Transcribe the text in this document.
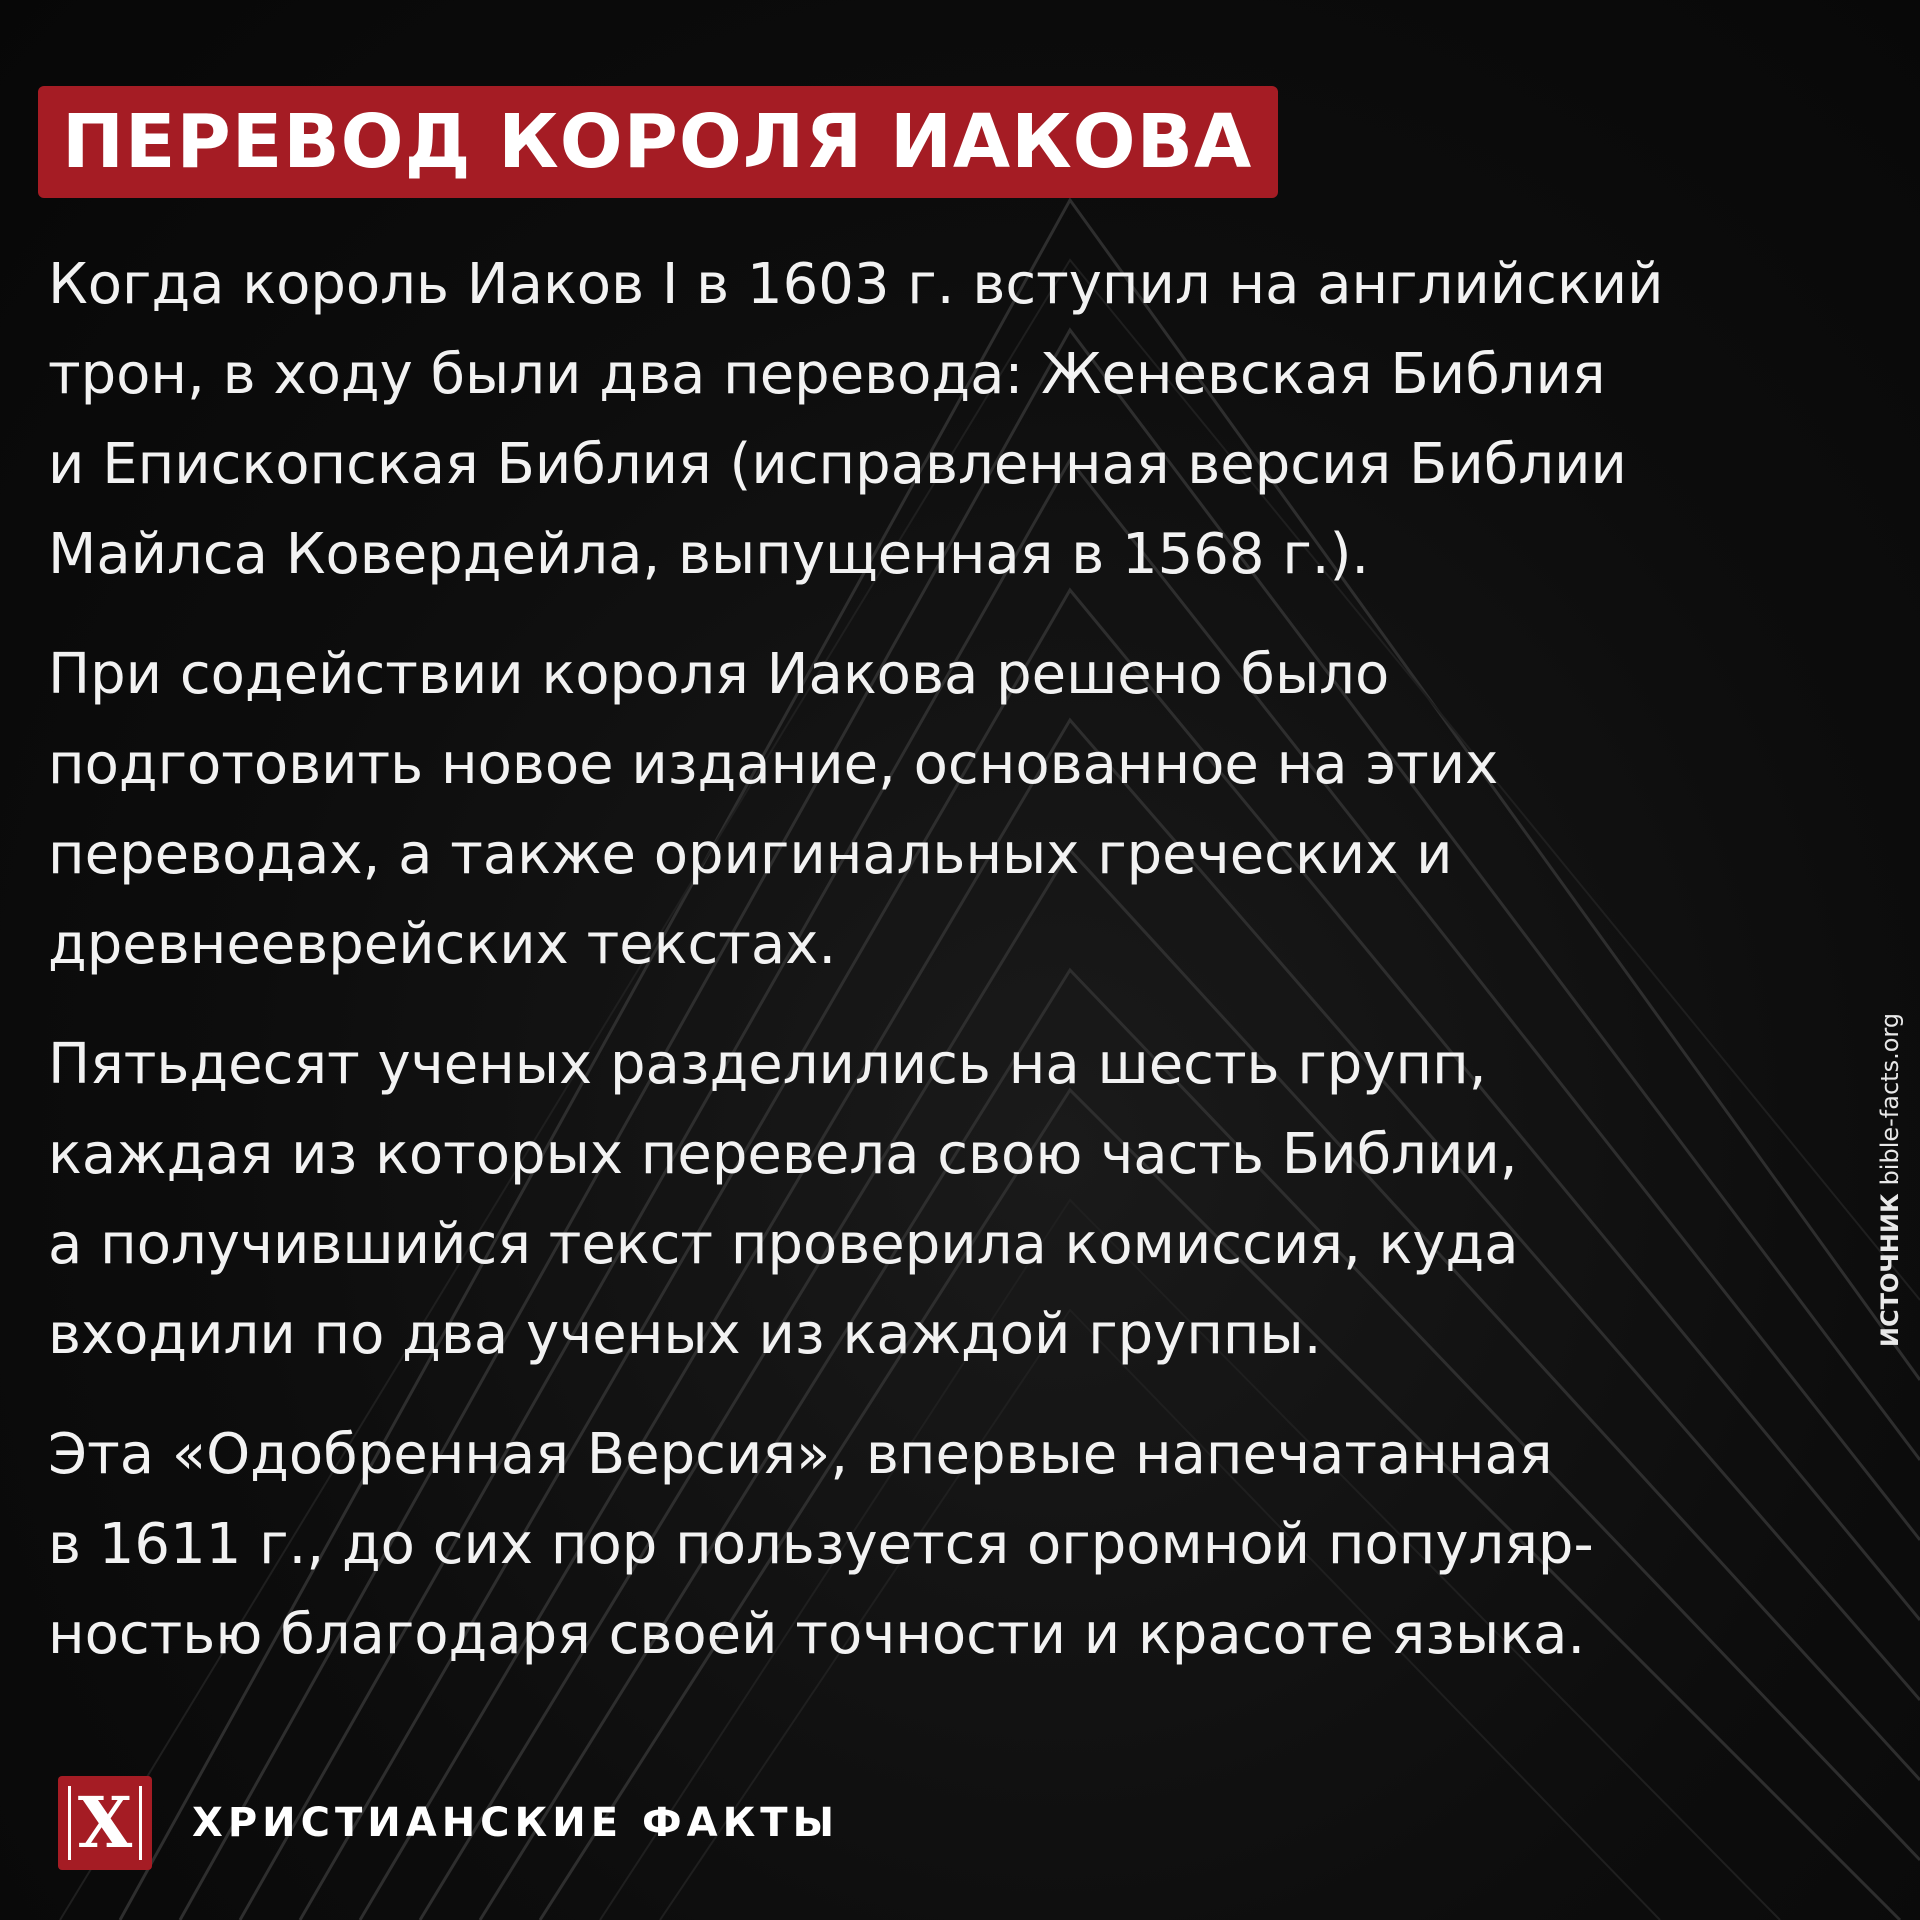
ПЕРЕВОД КОРОЛЯ ИАКОВА

Когда король Иаков I в 1603 г. вступил на английский
трон, в ходу были два перевода: Женевская Библия
и Епископская Библия (исправленная версия Библии
Майлса Ковердейла, выпущенная в 1568 г.).

При содействии короля Иакова решено было
подготовить новое издание, основанное на этих
переводах, а также оригинальных греческих и
древнееврейских текстах.

Пятьдесят ученых разделились на шесть групп,
каждая из которых перевела свою часть Библии,
а получившийся текст проверила комиссия, куда
входили по два ученых из каждой группы.

Эта «Одобренная Версия», впервые напечатанная
в 1611 г., до сих пор пользуется огромной популяр-
ностью благодаря своей точности и красоте языка.

ИСТОЧНИКbible-facts.org
X ХРИСТИАНСКИЕ ФАКТЫ
